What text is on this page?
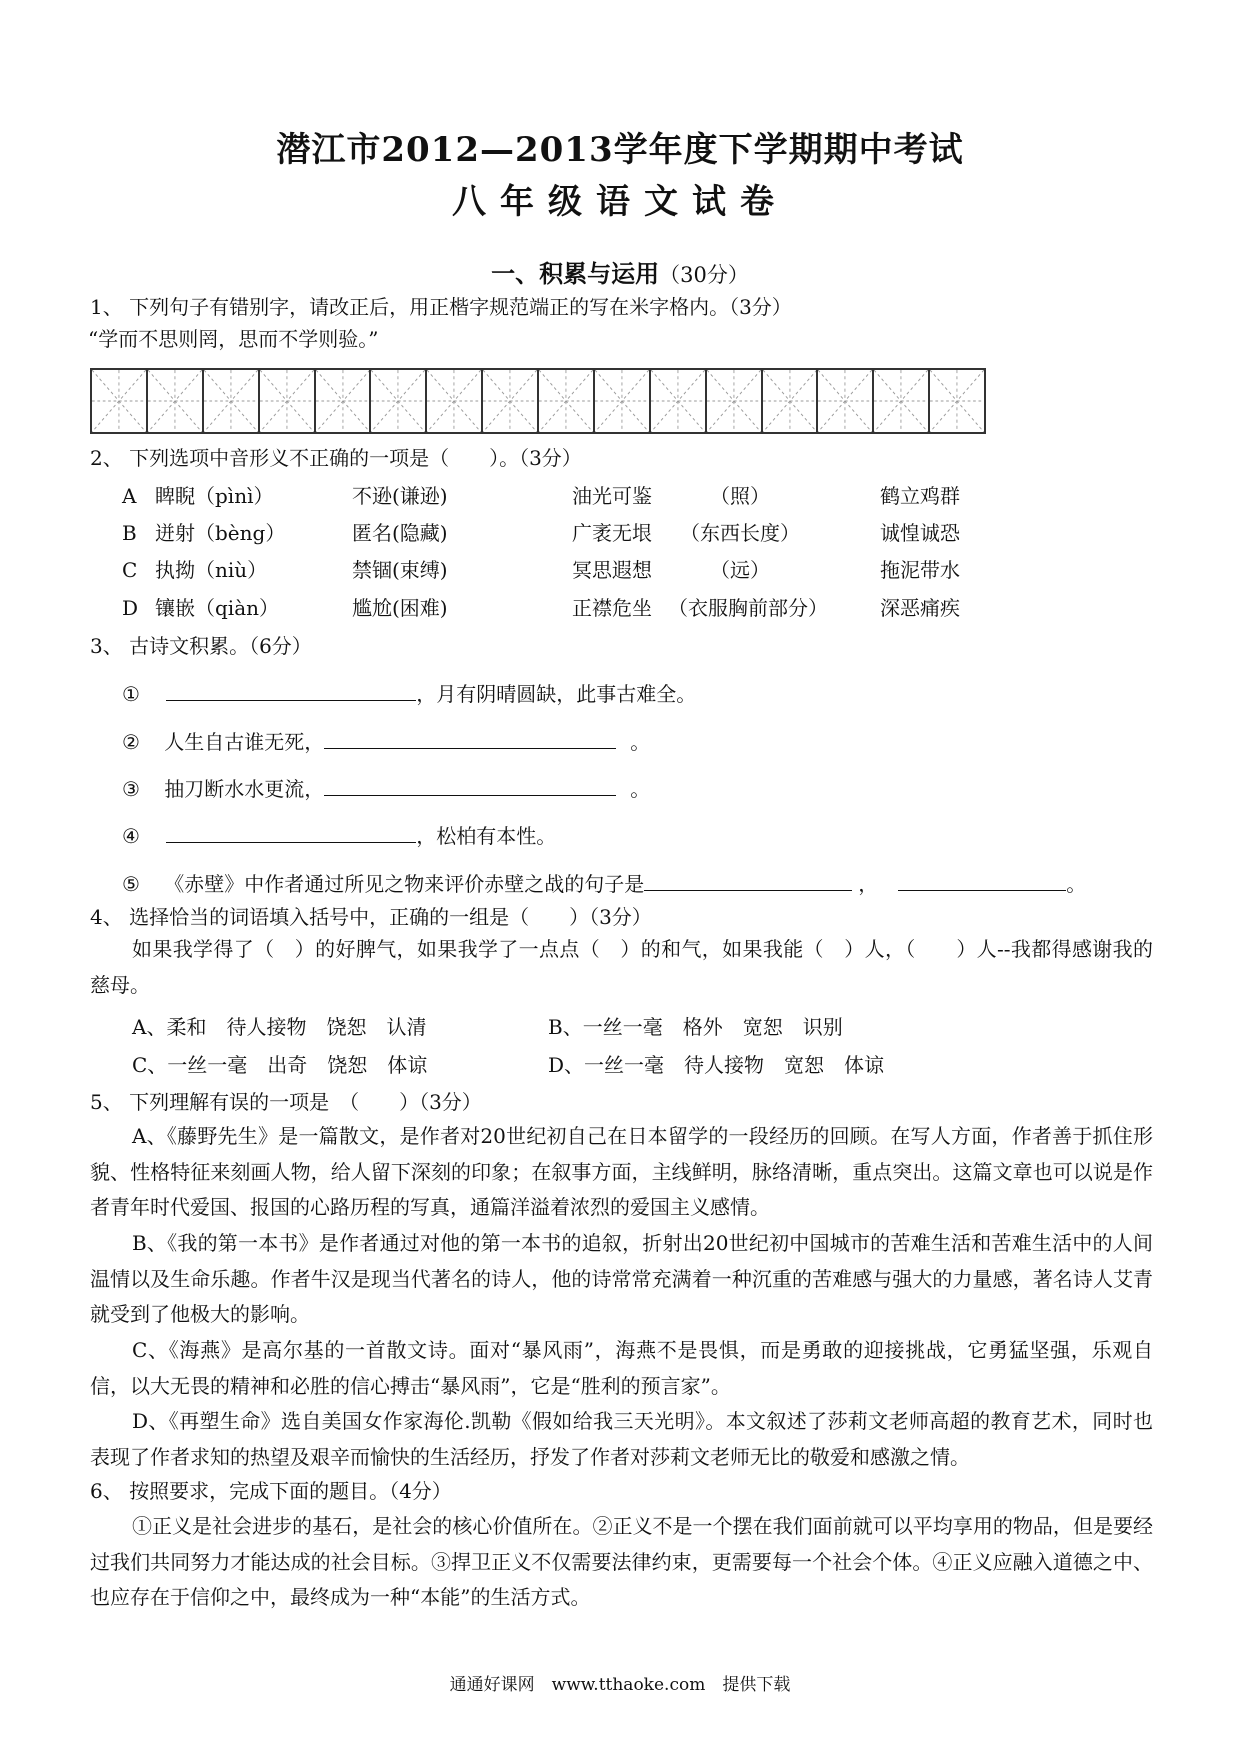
潜江市2012—2013学年度下学期期中考试
八年级语文试卷
一、积累与运用（30分）
1、 下列句子有错别字，请改正后，用正楷字规范端正的写在米字格内。（3分）
“学而不思则罔，思而不学则验。”
2、 下列选项中音形义不正确的一项是（　　）。（3分）
A 睥睨（pìnì）	不逊(谦逊)	油光可鉴	（照）	鹤立鸡群
B 迸射（bèng）	匿名(隐藏)	广袤无垠 （东西长度）	诚惶诚恐
C 执拗（niù）	禁锢(束缚)	冥思遐想	（远）	拖泥带水
D 镶嵌（qiàn）	尴尬(困难)	正襟危坐 （衣服胸前部分）	深恶痛疾
3、 古诗文积累。（6分）
①	，月有阴晴圆缺，此事古难全。
② 人生自古谁无死，	。
③ 抽刀断水水更流，	。
④	，松柏有本性。
⑤ 《赤壁》中作者通过所见之物来评价赤壁之战的句子是	，	。
4、 选择恰当的词语填入括号中，正确的一组是（　　）（3分）
如果我学得了（　）的好脾气，如果我学了一点点（　）的和气，如果我能（　）人，（　　）人--我都得感谢我的慈母。
A、柔和　待人接物　饶恕　认清	B、一丝一毫　格外　宽恕　识别
C、一丝一毫　出奇　饶恕　体谅	D、一丝一毫　待人接物　宽恕　体谅
5、 下列理解有误的一项是　（　　）（3分）
A、《藤野先生》是一篇散文，是作者对20世纪初自己在日本留学的一段经历的回顾。在写人方面，作者善于抓住形貌、性格特征来刻画人物，给人留下深刻的印象；在叙事方面，主线鲜明，脉络清晰，重点突出。这篇文章也可以说是作者青年时代爱国、报国的心路历程的写真，通篇洋溢着浓烈的爱国主义感情。
B、《我的第一本书》是作者通过对他的第一本书的追叙，折射出20世纪初中国城市的苦难生活和苦难生活中的人间温情以及生命乐趣。作者牛汉是现当代著名的诗人，他的诗常常充满着一种沉重的苦难感与强大的力量感，著名诗人艾青就受到了他极大的影响。
C、《海燕》是高尔基的一首散文诗。面对“暴风雨”，海燕不是畏惧，而是勇敢的迎接挑战，它勇猛坚强，乐观自信，以大无畏的精神和必胜的信心搏击“暴风雨”，它是“胜利的预言家”。
D、《再塑生命》选自美国女作家海伦.凯勒《假如给我三天光明》。本文叙述了莎莉文老师高超的教育艺术，同时也表现了作者求知的热望及艰辛而愉快的生活经历，抒发了作者对莎莉文老师无比的敬爱和感激之情。
6、 按照要求，完成下面的题目。（4分）
①正义是社会进步的基石，是社会的核心价值所在。②正义不是一个摆在我们面前就可以平均享用的物品，但是要经过我们共同努力才能达成的社会目标。③捍卫正义不仅需要法律约束，更需要每一个社会个体。④正义应融入道德之中、也应存在于信仰之中，最终成为一种“本能”的生活方式。
通通好课网　www.tthaoke.com　提供下载
